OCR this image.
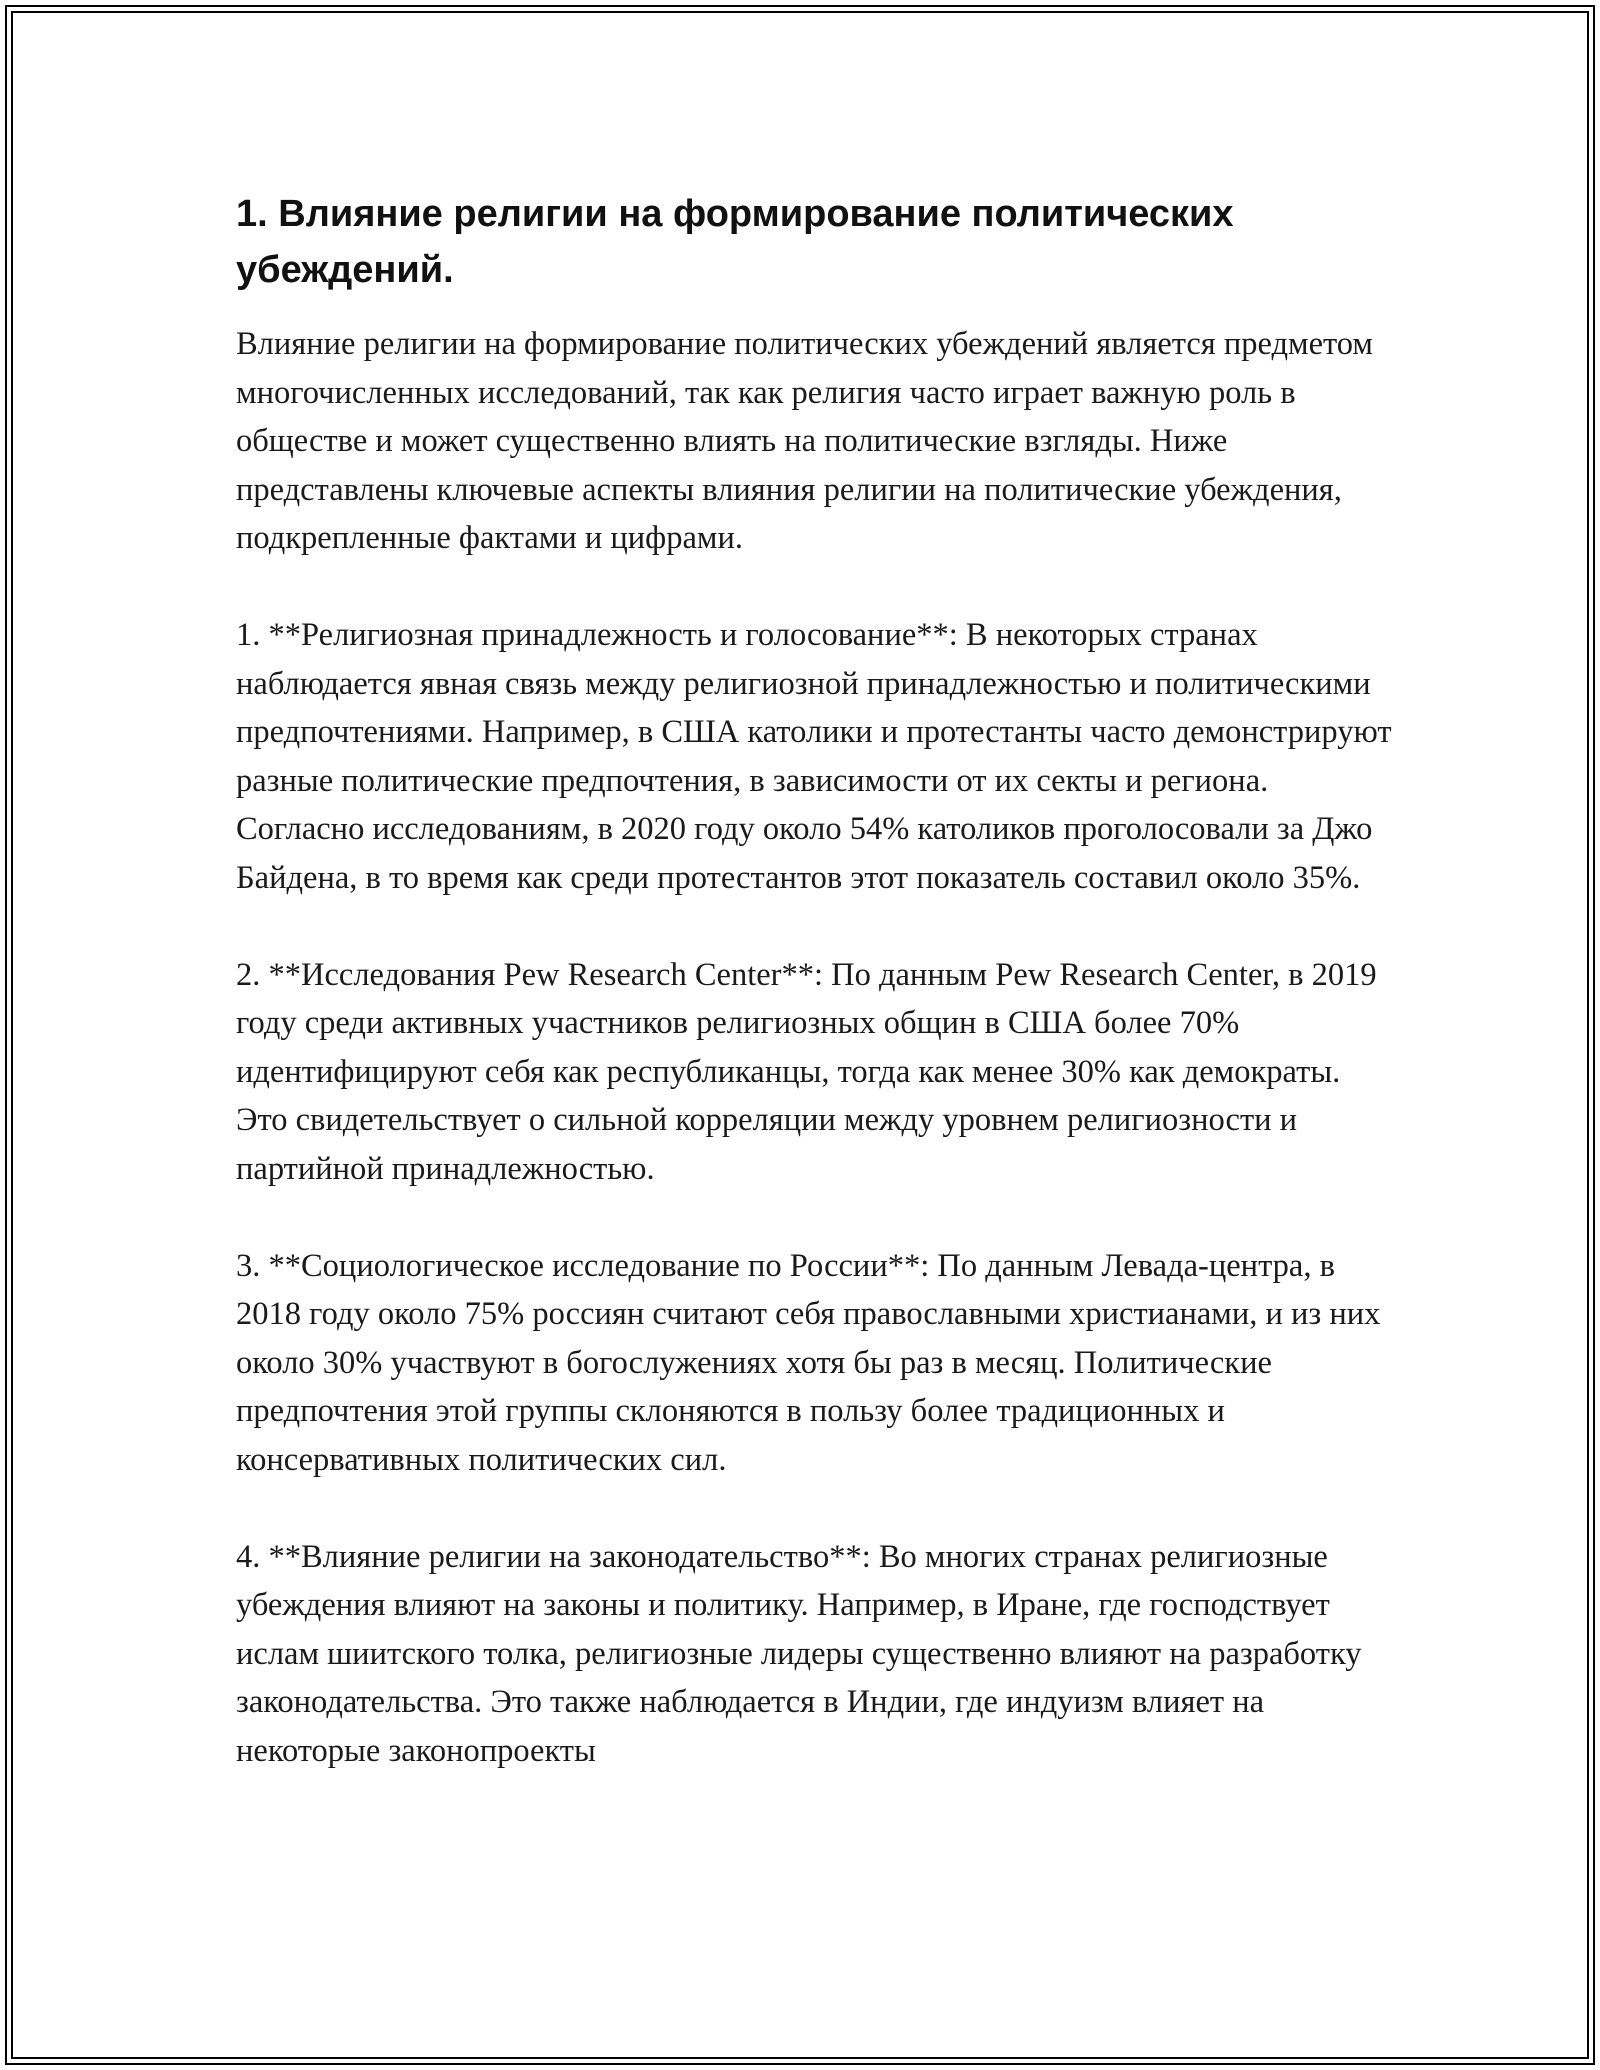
1. Влияние религии на формирование политических убеждений.

Влияние религии на формирование политических убеждений является предметом многочисленных исследований, так как религия часто играет важную роль в обществе и может существенно влиять на политические взгляды. Ниже представлены ключевые аспекты влияния религии на политические убеждения, подкрепленные фактами и цифрами.

1. **Религиозная принадлежность и голосование**: В некоторых странах наблюдается явная связь между религиозной принадлежностью и политическими предпочтениями. Например, в США католики и протестанты часто демонстрируют разные политические предпочтения, в зависимости от их секты и региона. Согласно исследованиям, в 2020 году около 54% католиков проголосовали за Джо Байдена, в то время как среди протестантов этот показатель составил около 35%.

2. **Исследования Pew Research Center**: По данным Pew Research Center, в 2019 году среди активных участников религиозных общин в США более 70% идентифицируют себя как республиканцы, тогда как менее 30% как демократы. Это свидетельствует о сильной корреляции между уровнем религиозности и партийной принадлежностью.

3. **Социологическое исследование по России**: По данным Левада-центра, в 2018 году около 75% россиян считают себя православными христианами, и из них около 30% участвуют в богослужениях хотя бы раз в месяц. Политические предпочтения этой группы склоняются в пользу более традиционных и консервативных политических сил.

4. **Влияние религии на законодательство**: Во многих странах религиозные убеждения влияют на законы и политику. Например, в Иране, где господствует ислам шиитского толка, религиозные лидеры существенно влияют на разработку законодательства. Это также наблюдается в Индии, где индуизм влияет на некоторые законопроекты
